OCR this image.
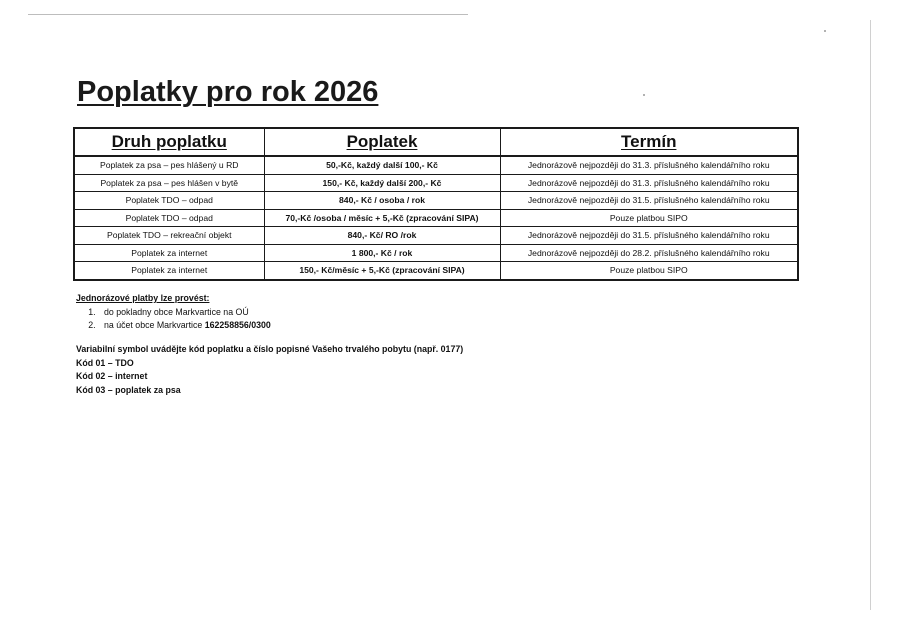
Poplatky pro rok 2026
Druh poplatku	Poplatek	Termín
Poplatek za psa – pes hlášený u RD	50,-Kč, každý další 100,- Kč	Jednorázově nejpozději do 31.3. příslušného kalendářního roku
Poplatek za psa – pes hlášen v bytě	150,- Kč, každý další 200,- Kč	Jednorázově nejpozději do 31.3. příslušného kalendářního roku
Poplatek TDO – odpad	840,- Kč / osoba / rok	Jednorázově nejpozději do 31.5. příslušného kalendářního roku
Poplatek TDO – odpad	70,-Kč /osoba / měsíc + 5,-Kč (zpracování SIPA)	Pouze platbou SIPO
Poplatek TDO – rekreační objekt	840,- Kč/ RO /rok	Jednorázově nejpozději do 31.5. příslušného kalendářního roku
Poplatek za internet	1 800,- Kč / rok	Jednorázově nejpozději do 28.2. příslušného kalendářního roku
Poplatek za internet	150,- Kč/měsíc + 5,-Kč (zpracování SIPA)	Pouze platbou SIPO
Jednorázové platby lze provést:
1. do pokladny obce Markvartice na OÚ
2. na účet obce Markvartice 162258856/0300
Variabilní symbol uvádějte kód poplatku a číslo popisné Vašeho trvalého pobytu (např. 0177)
Kód 01 – TDO
Kód 02 – internet
Kód 03 – poplatek za psa
